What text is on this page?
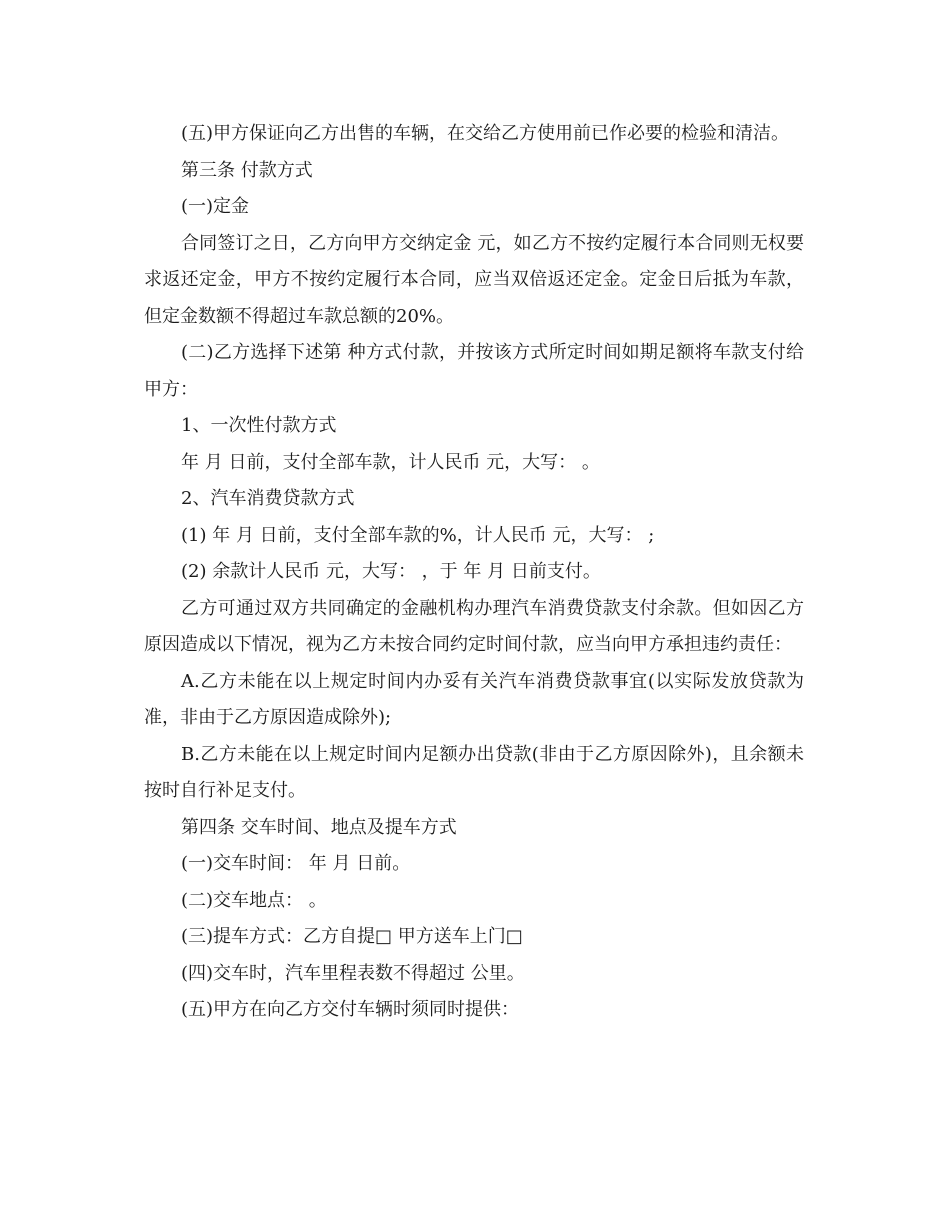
(五)甲方保证向乙方出售的车辆，在交给乙方使用前已作必要的检验和清洁。

第三条 付款方式

(一)定金

合同签订之日，乙方向甲方交纳定金 元，如乙方不按约定履行本合同则无权要求返还定金，甲方不按约定履行本合同，应当双倍返还定金。定金日后抵为车款，但定金数额不得超过车款总额的20%。

(二)乙方选择下述第 种方式付款，并按该方式所定时间如期足额将车款支付给甲方：

1、一次性付款方式

年 月 日前，支付全部车款，计人民币 元，大写： 。

2、汽车消费贷款方式

(1) 年 月 日前，支付全部车款的%，计人民币 元，大写： ;

(2) 余款计人民币 元，大写： ，于 年 月 日前支付。

乙方可通过双方共同确定的金融机构办理汽车消费贷款支付余款。但如因乙方原因造成以下情况，视为乙方未按合同约定时间付款，应当向甲方承担违约责任：

A.乙方未能在以上规定时间内办妥有关汽车消费贷款事宜(以实际发放贷款为准，非由于乙方原因造成除外);

B.乙方未能在以上规定时间内足额办出贷款(非由于乙方原因除外)，且余额未按时自行补足支付。

第四条 交车时间、地点及提车方式

(一)交车时间： 年 月 日前。

(二)交车地点： 。

(三)提车方式：乙方自提□ 甲方送车上门□

(四)交车时，汽车里程表数不得超过 公里。

(五)甲方在向乙方交付车辆时须同时提供：
